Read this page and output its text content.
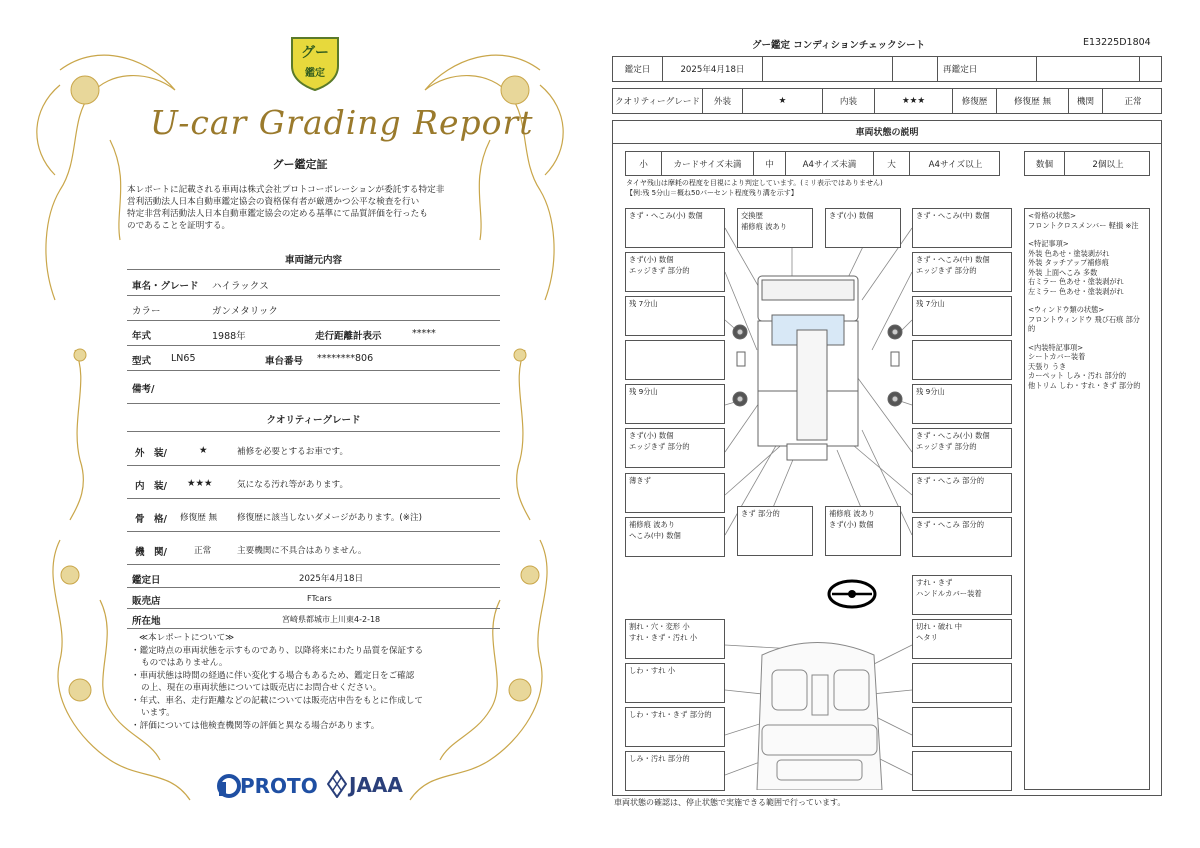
グー
鑑定
U-car Grading Report
グー鑑定証
本レポートに記載される車両は株式会社プロトコーポレーションが委託する特定非
営利活動法人日本自動車鑑定協会の資格保有者が厳選かつ公平な検査を行い
特定非営利活動法人日本自動車鑑定協会の定める基準にて品質評価を行ったも
のであることを証明する。
車両諸元内容
車名・グレード ハイラックス
カラー	ガンメタリック
年式	1988年	走行距離計表示	*****
型式 LN65	車台番号 ********806
備考/
クオリティーグレード
外　装/	★	補修を必要とするお車です。
内　装/ ★★★	気になる汚れ等があります。
骨　格/ 修復歴 無 修復歴に該当しないダメージがあります。(※注)
機　関/	正常	主要機関に不具合はありません。
鑑定日	2025年4月18日
販売店	FTcars
所在地	宮崎県都城市上川東4-2-18
≪本レポートについて≫
・鑑定時点の車両状態を示すものであり、以降将来にわたり品質を保証する
ものではありません。
・車両状態は時間の経過に伴い変化する場合もあるため、鑑定日をご確認
の上、現在の車両状態については販売店にお問合せください。
・年式、車名、走行距離などの記載については販売店申告をもとに作成して
います。
・評価については他検査機関等の評価と異なる場合があります。
PROTO JAAA
グー鑑定 コンディションチェックシート	E13225D1804
鑑定日	2025年4月18日	再鑑定日
クオリティーグレード	外装	★	内装	★★★	修復歴	修復歴 無	機関	正常
車両状態の説明
小	カードサイズ未満	中	A4サイズ未満	大	A4サイズ以上	数個	2個以上
タイヤ残山は摩耗の程度を目視により判定しています。(ミリ表示ではありません)
【例:残 5分山＝概ね50パーセント程度残り溝を示す】
きず・へこみ(小) 数個	交換歴
補修痕 波あり
きず(小) 数個	きず・へこみ(中) 数個
きず(小) 数個
エッジきず 部分的
きず・へこみ(中) 数個
エッジきず 部分的
残 7分山	残 7分山
残 9分山	残 9分山
きず(小) 数個
エッジきず 部分的
きず・へこみ(小) 数個
エッジきず 部分的
薄きず	きず・へこみ 部分的
補修痕 波あり
へこみ(中) 数個
きず 部分的	補修痕 波あり
きず(小) 数個	きず・へこみ 部分的
すれ・きず
ハンドルカバー装着
割れ・穴・変形 小
すれ・きず・汚れ 小
切れ・破れ 中
ヘタリ
しわ・すれ 小
しわ・すれ・きず 部分的
しみ・汚れ 部分的
<骨格の状態>
フロントクロスメンバー 軽損 ※注
<特記事項>
外装 色あせ・塗装剥がれ
外装 タッチアップ補修痕
外装 上面へこみ 多数
右ミラー 色あせ・塗装剥がれ
左ミラー 色あせ・塗装剥がれ
<ウィンドウ類の状態>
フロントウィンドウ 飛び石痕 部分的
<内装特記事項>
シートカバー装着
天張り うき
カーペット しみ・汚れ 部分的
他トリム しわ・すれ・きず 部分的
車両状態の確認は、停止状態で実施できる範囲で行っています。
